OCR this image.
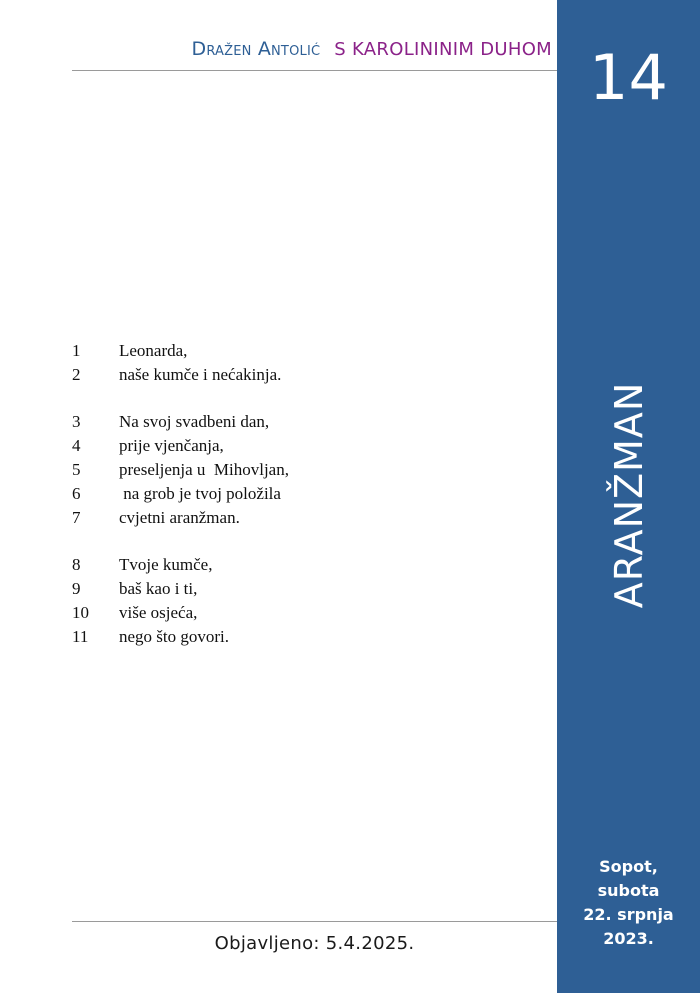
Dražen Antolić S KAROLININIM DUHOM
1 Leonarda,
2 naše kumče i nećakinja.
3 Na svoj svadbeni dan,
4 prije vjenčanja,
5 preseljenja u  Mihovljan,
6 na grob je tvoj položila
7 cvjetni aranžman.
8 Tvoje kumče,
9 baš kao i ti,
10 više osjeća,
11 nego što govori.
Objavljeno: 5.4.2025.
14
ARANŽMAN
Sopot,
subota
22. srpnja
2023.
